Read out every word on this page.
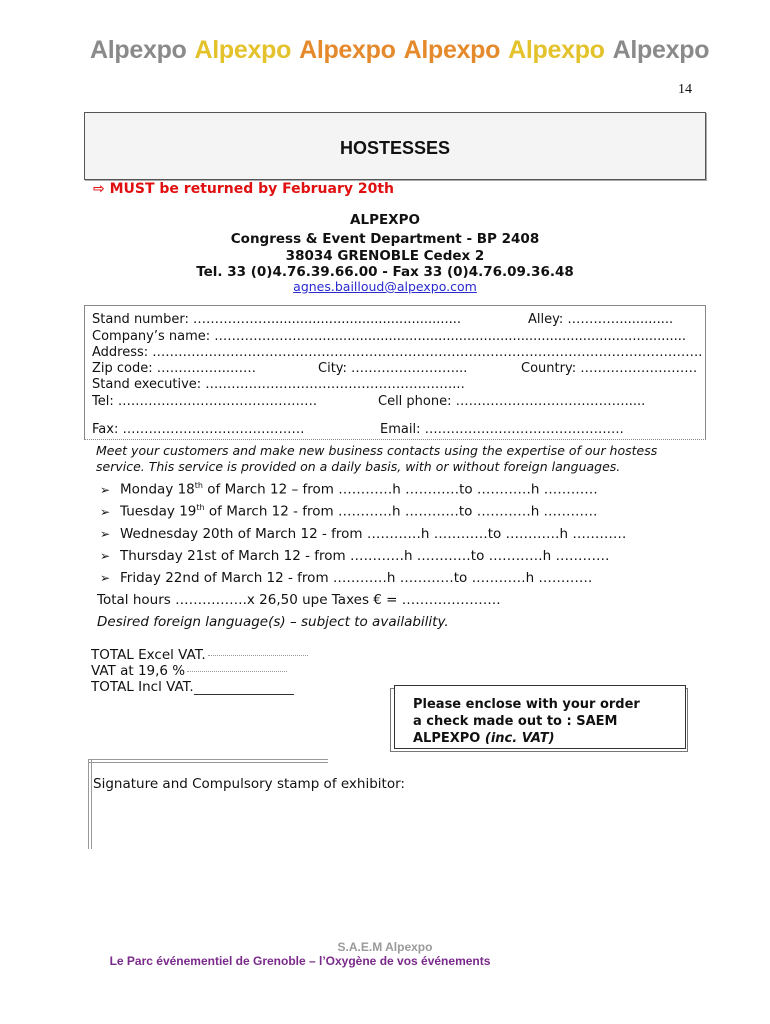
Alpexpo Alpexpo Alpexpo Alpexpo Alpexpo Alpexpo
14
HOSTESSES
⇨ MUST be returned by February 20th
ALPEXPO
Congress & Event Department - BP 2408
38034 GRENOBLE Cedex 2
Tel. 33 (0)4.76.39.66.00 - Fax 33 (0)4.76.09.36.48
agnes.bailloud@alpexpo.com
Stand number: ………………..............................................	Alley: ………….............
Company’s name: …………………….........................................................................................
Address: ……………………………………………………………………………………………………………….
Zip code: ……………..……	City: ……………………...	Country: ………………………
Stand executive: …………………………………………………...
Tel: ……………………………………….	Cell phone: ………………………………….....
Fax: ……………………………………	Email: ……………………………………….
Meet your customers and make new business contacts using the expertise of our hostess service. This service is provided on a daily basis, with or without foreign languages.
➢ Monday 18th of March 12 – from …………h …………to …………h …………
➢ Tuesday 19th of March 12 - from …………h …………to …………h …………
➢ Wednesday 20th of March 12 - from …………h …………to …………h …………
➢ Thursday 21st of March 12 - from …………h …………to …………h …………
➢ Friday 22nd of March 12 - from …………h …………to …………h …………
Total hours …………….x 26,50 upe Taxes € = ………………….
Desired foreign language(s) – subject to availability.
TOTAL Excel VAT.
VAT at 19,6 %
TOTAL Incl VAT.

Please enclose with your order
a check made out to : SAEM
ALPEXPO (inc. VAT)

Signature and Compulsory stamp of exhibitor:
S.A.E.M Alpexpo
Le Parc événementiel de Grenoble – l’Oxygène de vos événements
